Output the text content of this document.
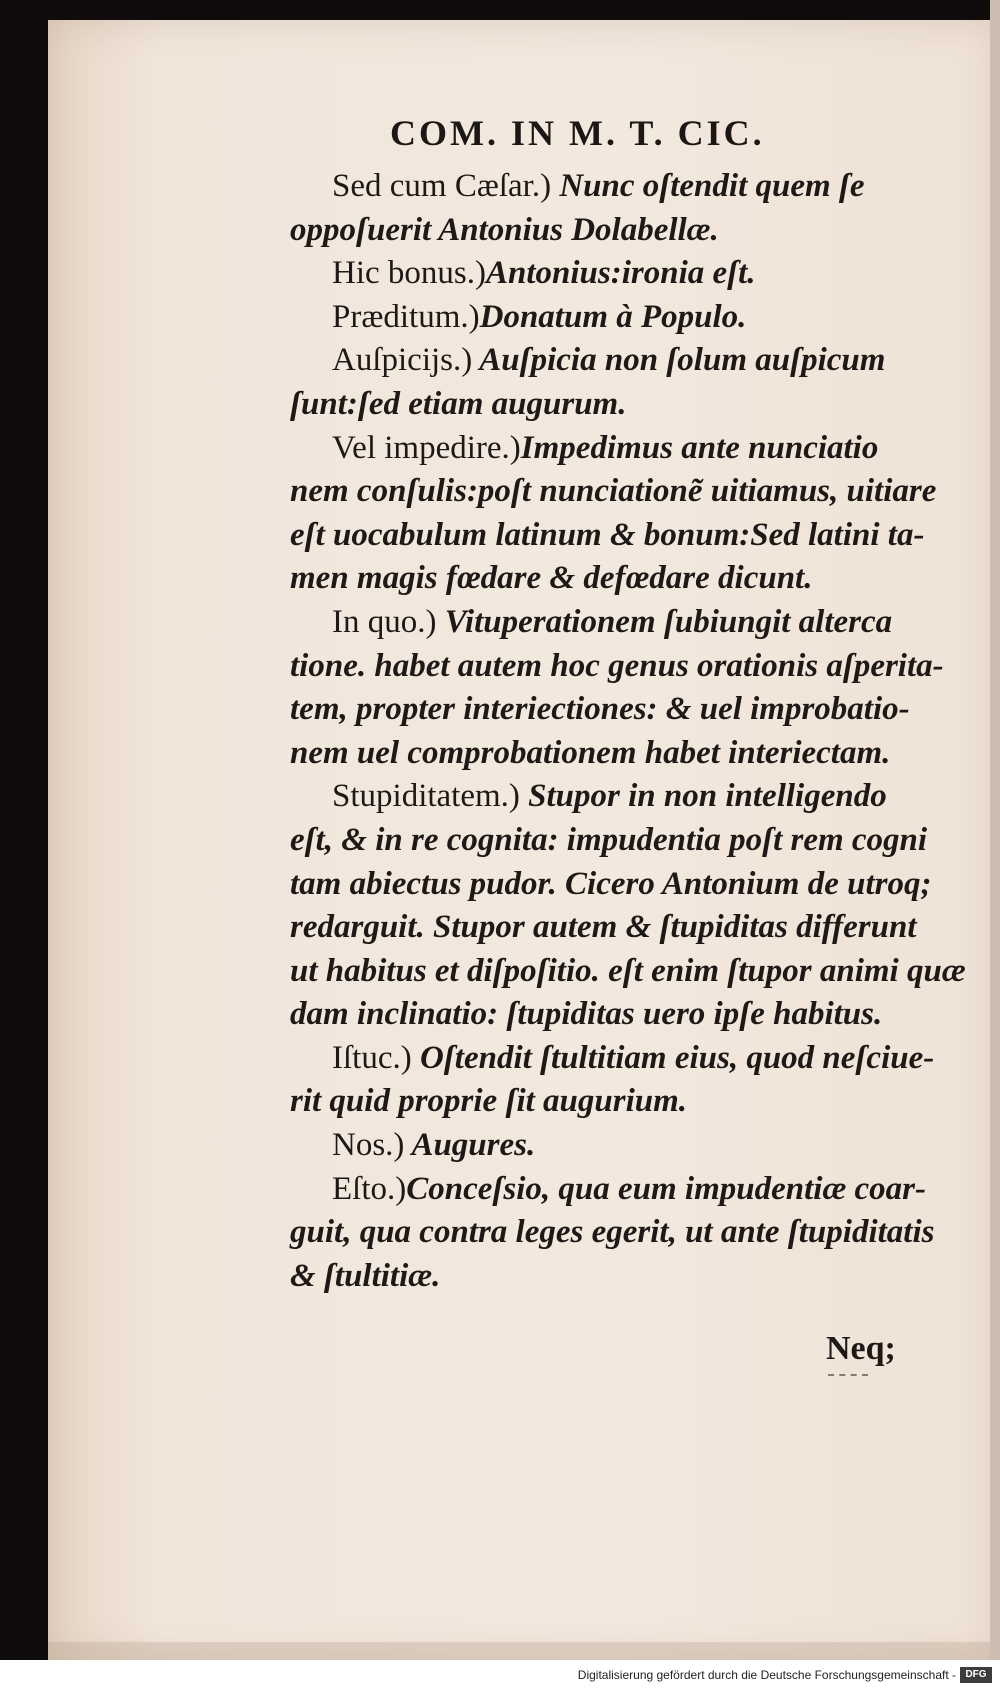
COM. IN M. T. CIC.
Sed cum Cæſar.) Nunc oſtendit quem ſe
oppoſuerit Antonius Dolabellæ.
Hic bonus.)Antonius:ironia eſt.
Præditum.)Donatum à Populo.
Auſpicijs.) Auſpicia non ſolum auſpicum
ſunt:ſed etiam augurum.
Vel impedire.)Impedimus ante nunciatio
nem conſulis:poſt nunciationẽ uitiamus, uitiare
eſt uocabulum latinum & bonum:Sed latini ta-
men magis fœdare & defœdare dicunt.
In quo.) Vituperationem ſubiungit alterca
tione. habet autem hoc genus orationis aſperita-
tem, propter interiectiones: & uel improbatio-
nem uel comprobationem habet interiectam.
Stupiditatem.) Stupor in non intelligendo
eſt, & in re cognita: impudentia poſt rem cogni
tam abiectus pudor. Cicero Antonium de utroq;
redarguit. Stupor autem & ſtupiditas differunt
ut habitus et diſpoſitio. eſt enim ſtupor animi quæ
dam inclinatio: ſtupiditas uero ipſe habitus.
Iſtuc.) Oſtendit ſtultitiam eius, quod neſciue-
rit quid proprie ſit augurium.
Nos.) Augures.
Eſto.)Conceſsio, qua eum impudentiæ coar-
guit, qua contra leges egerit, ut ante ſtupiditatis
& ſtultitiæ.
Neq;
Digitalisierung gefördert durch die Deutsche Forschungsgemeinschaft - DFG
